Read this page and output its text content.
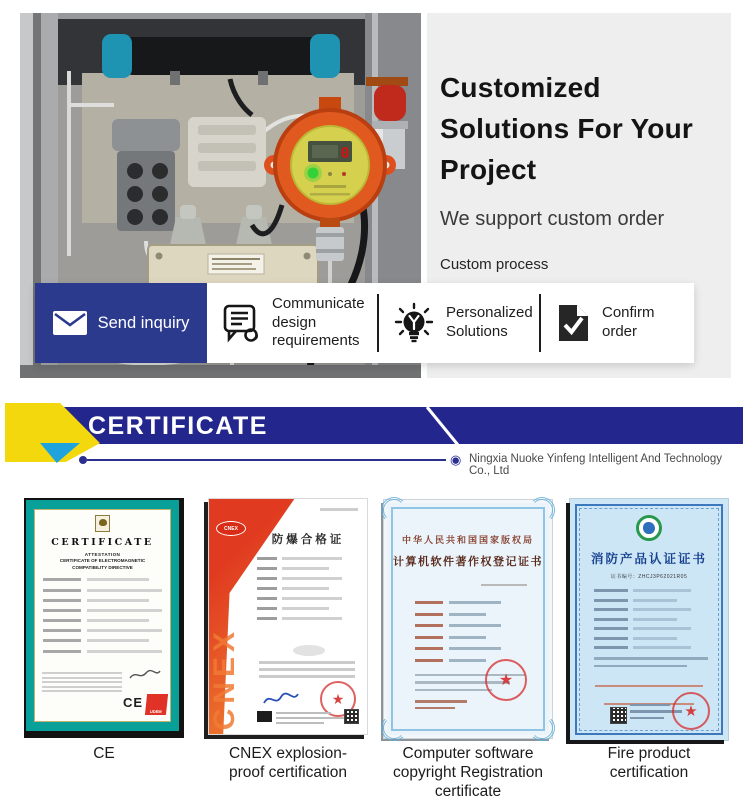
0
Customized Solutions For Your Project

We support custom order

Custom process

Send inquiry
Communicate design requirements
Personalized Solutions
Confirm order
CERTIFICATE
◉ Ningxia Nuoke Yinfeng Intelligent And Technology Co., Ltd
CERTIFICATE
ATTESTATION
CERTIFICATE OF ELECTROMAGNETIC COMPATIBILITY DIRECTIVE
CE
UDEM CNEX
CNEX
防爆合格证
★
中华人民共和国国家版权局
计算机软件著作权登记证书
★
消防产品认证证书
证书编号：ZHCJ3P62021R05
★
CE	CNEX explosion-proof certification
Computer software copyright Registration certificate
Fire product certification
